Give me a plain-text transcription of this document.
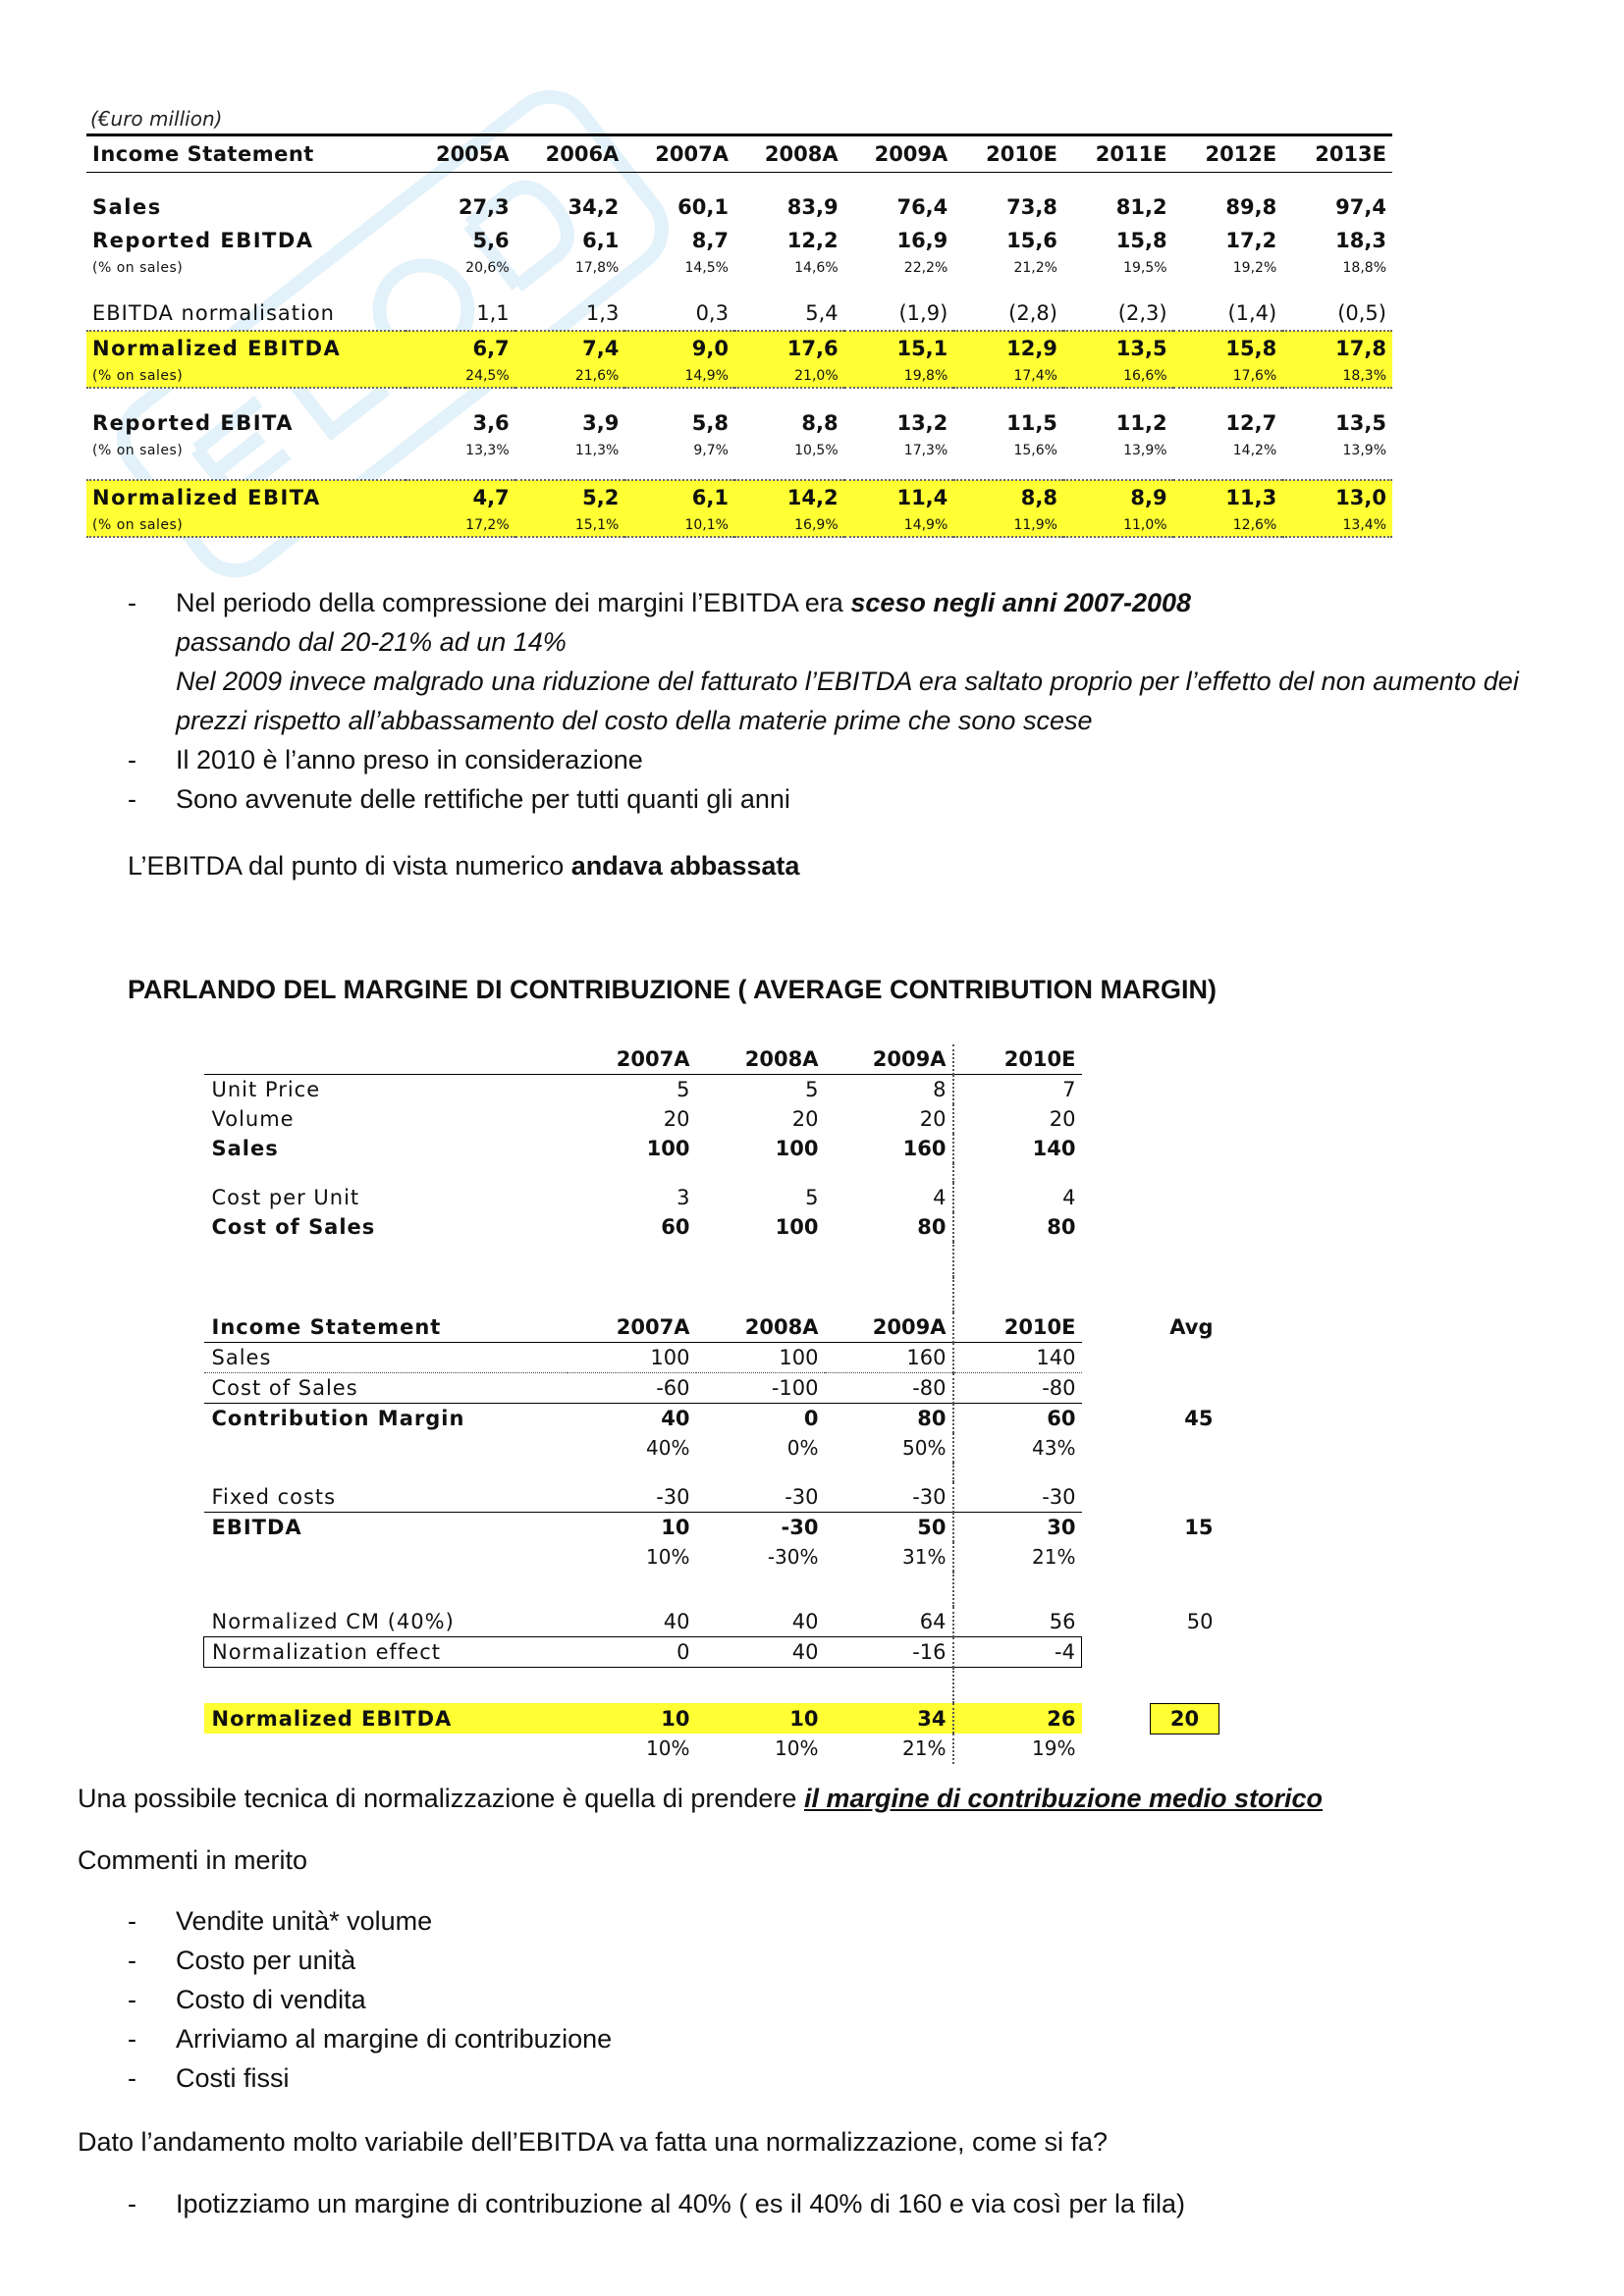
(€uro million)
Income Statement	2005A	2006A	2007A	2008A	2009A	2010E	2011E	2012E	2013E

Sales	27,3	34,2	60,1	83,9	76,4	73,8	81,2	89,8	97,4
Reported EBITDA	5,6	6,1	8,7	12,2	16,9	15,6	15,8	17,2	18,3
(% on sales)	20,6%	17,8%	14,5%	14,6%	22,2%	21,2%	19,5%	19,2%	18,8%

EBITDA normalisation	1,1	1,3	0,3	5,4	(1,9)	(2,8)	(2,3)	(1,4)	(0,5)
Normalized EBITDA	6,7	7,4	9,0	17,6	15,1	12,9	13,5	15,8	17,8
(% on sales)	24,5%	21,6%	14,9%	21,0%	19,8%	17,4%	16,6%	17,6%	18,3%

Reported EBITA	3,6	3,9	5,8	8,8	13,2	11,5	11,2	12,7	13,5
(% on sales)	13,3%	11,3%	9,7%	10,5%	17,3%	15,6%	13,9%	14,2%	13,9%

Normalized EBITA	4,7	5,2	6,1	14,2	11,4	8,8	8,9	11,3	13,0
(% on sales)	17,2%	15,1%	10,1%	16,9%	14,9%	11,9%	11,0%	12,6%	13,4%
- Nel periodo della compressione dei margini l’EBITDA era sceso negli anni 2007-2008
passando dal 20-21% ad un 14%
Nel 2009 invece malgrado una riduzione del fatturato l’EBITDA era saltato proprio per l’effetto del non aumento dei prezzi rispetto all’abbassamento del costo della materie prime che sono scese
- Il 2010 è l’anno preso in considerazione
- Sono avvenute delle rettifiche per tutti quanti gli anni
L’EBITDA dal punto di vista numerico andava abbassata
PARLANDO DEL MARGINE DI CONTRIBUZIONE ( AVERAGE CONTRIBUTION MARGIN)
	2007A	2008A	2009A	2010E		
Unit Price	5	5	8	7		
Volume	20	20	20	20		
Sales	100	100	160	140		

Cost per Unit	3	5	4	4		
Cost of Sales	60	100	80	80		

Income Statement	2007A	2008A	2009A	2010E		Avg
Sales	100	100	160	140		
Cost of Sales	-60	-100	-80	-80		
Contribution Margin	40	0	80	60		45
	40%	0%	50%	43%		

Fixed costs	-30	-30	-30	-30		
EBITDA	10	-30	50	30		15
	10%	-30%	31%	21%		

Normalized CM (40%)	40	40	64	56		50
Normalization effect	0	40	-16	-4		

Normalized EBITDA	10	10	34	26		20
	10%	10%	21%	19%		
Una possibile tecnica di normalizzazione è quella di prendere il margine di contribuzione medio storico
Commenti in merito
- Vendite unità* volume
- Costo per unità
- Costo di vendita
- Arriviamo al margine di contribuzione
- Costi fissi
Dato l’andamento molto variabile dell’EBITDA va fatta una normalizzazione, come si fa?
- Ipotizziamo un margine di contribuzione al 40% ( es il 40% di 160 e via così per la fila)
